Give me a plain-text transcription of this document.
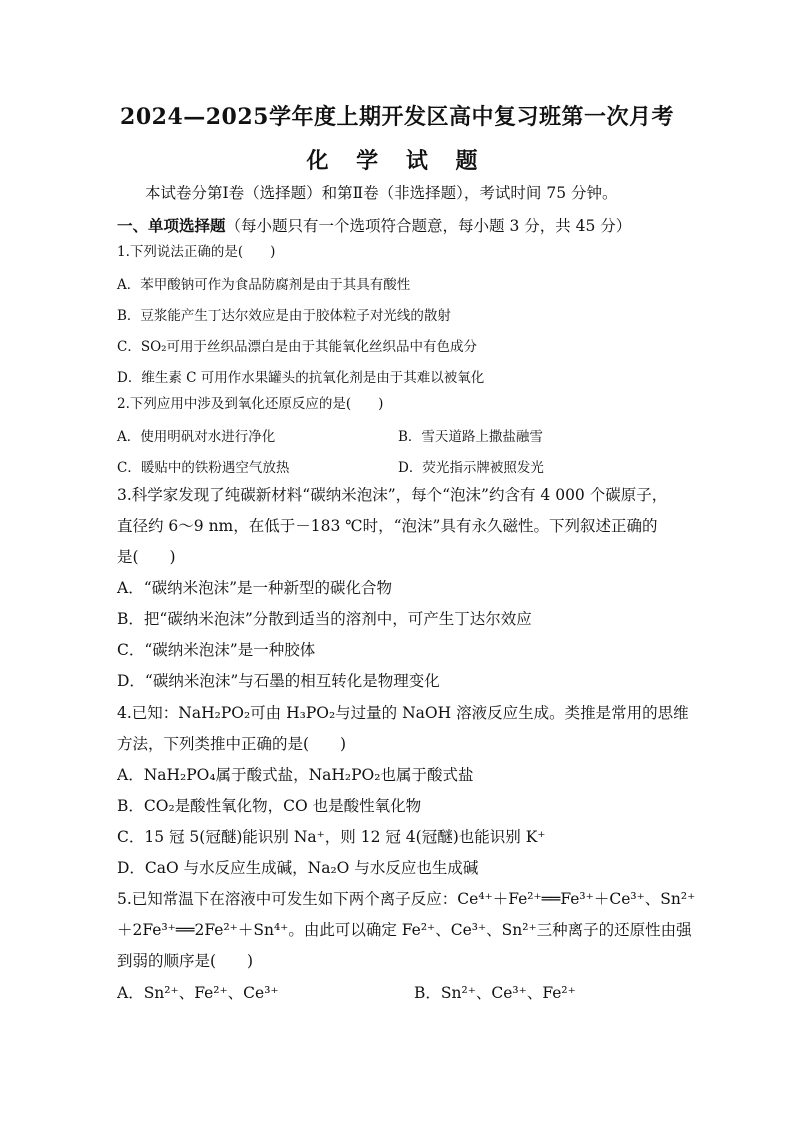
2024—2025学年度上期开发区高中复习班第一次月考
化 学 试 题
本试卷分第Ⅰ卷（选择题）和第Ⅱ卷（非选择题），考试时间 75 分钟。
一、单项选择题（每小题只有一个选项符合题意，每小题 3 分，共 45 分）
1.下列说法正确的是(　　)
A．苯甲酸钠可作为食品防腐剂是由于其具有酸性
B．豆浆能产生丁达尔效应是由于胶体粒子对光线的散射
C．SO₂可用于丝织品漂白是由于其能氧化丝织品中有色成分
D．维生素 C 可用作水果罐头的抗氧化剂是由于其难以被氧化
2.下列应用中涉及到氧化还原反应的是(　　)
A．使用明矾对水进行净化	B．雪天道路上撒盐融雪
C．暖贴中的铁粉遇空气放热	D．荧光指示牌被照发光
3.科学家发现了纯碳新材料“碳纳米泡沫”，每个“泡沫”约含有 4 000 个碳原子，
直径约 6～9 nm，在低于－183 ℃时，“泡沫”具有永久磁性。下列叙述正确的
是(　　)
A．“碳纳米泡沫”是一种新型的碳化合物
B．把“碳纳米泡沫”分散到适当的溶剂中，可产生丁达尔效应
C．“碳纳米泡沫”是一种胶体
D．“碳纳米泡沫”与石墨的相互转化是物理变化
4.已知：NaH₂PO₂可由 H₃PO₂与过量的 NaOH 溶液反应生成。类推是常用的思维
方法，下列类推中正确的是(　　)
A．NaH₂PO₄属于酸式盐，NaH₂PO₂也属于酸式盐
B．CO₂是酸性氧化物，CO 也是酸性氧化物
C．15 冠 5(冠醚)能识别 Na⁺，则 12 冠 4(冠醚)也能识别 K⁺
D．CaO 与水反应生成碱，Na₂O 与水反应也生成碱
5.已知常温下在溶液中可发生如下两个离子反应：Ce⁴⁺＋Fe²⁺══Fe³⁺＋Ce³⁺、Sn²⁺
＋2Fe³⁺══2Fe²⁺＋Sn⁴⁺。由此可以确定 Fe²⁺、Ce³⁺、Sn²⁺三种离子的还原性由强
到弱的顺序是(　　)
A．Sn²⁺、Fe²⁺、Ce³⁺	B．Sn²⁺、Ce³⁺、Fe²⁺
